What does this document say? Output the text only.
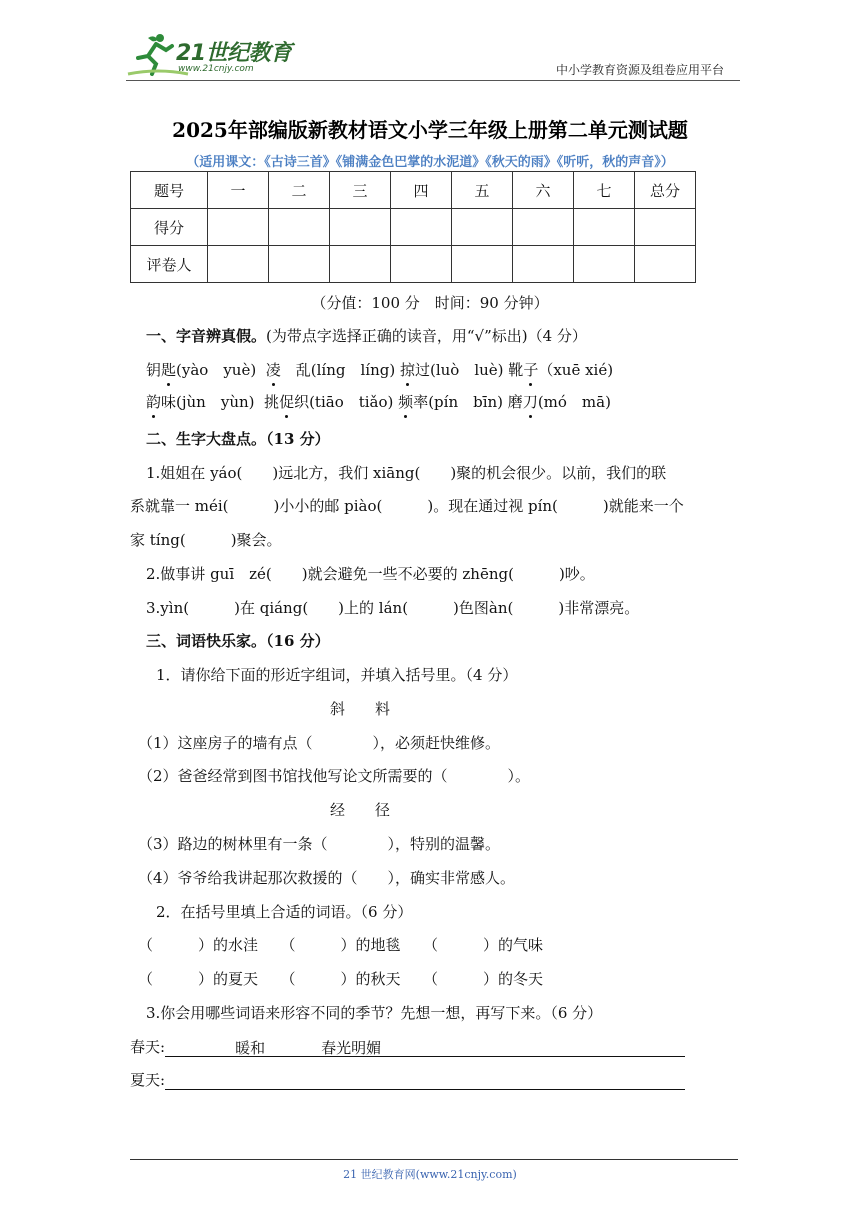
21世纪教育
www.21cnjy.com	中小学教育资源及组卷应用平台
2025年部编版新教材语文小学三年级上册第二单元测试题
（适用课文：《古诗三首》《铺满金色巴掌的水泥道》《秋天的雨》《听听，秋的声音》）
题号	一	二	三	四	五	六	七	总分
得分								
评卷人								
（分值：100 分　时间：90 分钟）
一、字音辨真假。(为带点字选择正确的读音，用“√”标出)（4 分）
钥匙(yào　yuè) 凌　乱(líng　líng) 掠过(luò　luè) 靴子（xuē xié)
韵味(jùn　yùn) 挑促织(tiāo　tiǎo) 频率(pín　bīn) 磨刀(mó　mā)
二、生字大盘点。（13 分）
1.姐姐在 yáo(　　)远北方，我们 xiāng(　　)聚的机会很少。以前，我们的联
系就靠一 méi(　　　)小小的邮 piào(　　　)。现在通过视 pín(　　　)就能来一个
家 tíng(　　　)聚会。
2.做事讲 guī　zé(　　)就会避免一些不必要的 zhēng(　　　)吵。
3.yìn(　　　)在 qiáng(　　)上的 lán(　　　)色图àn(　　　)非常漂亮。
三、词语快乐家。（16 分）
1．请你给下面的形近字组词，并填入括号里。（4 分）
斜　　料
（1）这座房子的墙有点（　　　　），必须赶快维修。
（2）爸爸经常到图书馆找他写论文所需要的（　　　　）。
经　　径
（3）路边的树林里有一条（　　　　），特别的温馨。
（4）爷爷给我讲起那次救援的（　　），确实非常感人。
2．在括号里填上合适的词语。（6 分）
（　　　）的水洼　　（　　　）的地毯　　（　　　）的气味
（　　　）的夏天　　（　　　）的秋天　　（　　　）的冬天
3.你会用哪些词语来形容不同的季节？先想一想，再写下来。（6 分）
春天:	暖和	春光明媚
夏天:
21 世纪教育网(www.21cnjy.com)
